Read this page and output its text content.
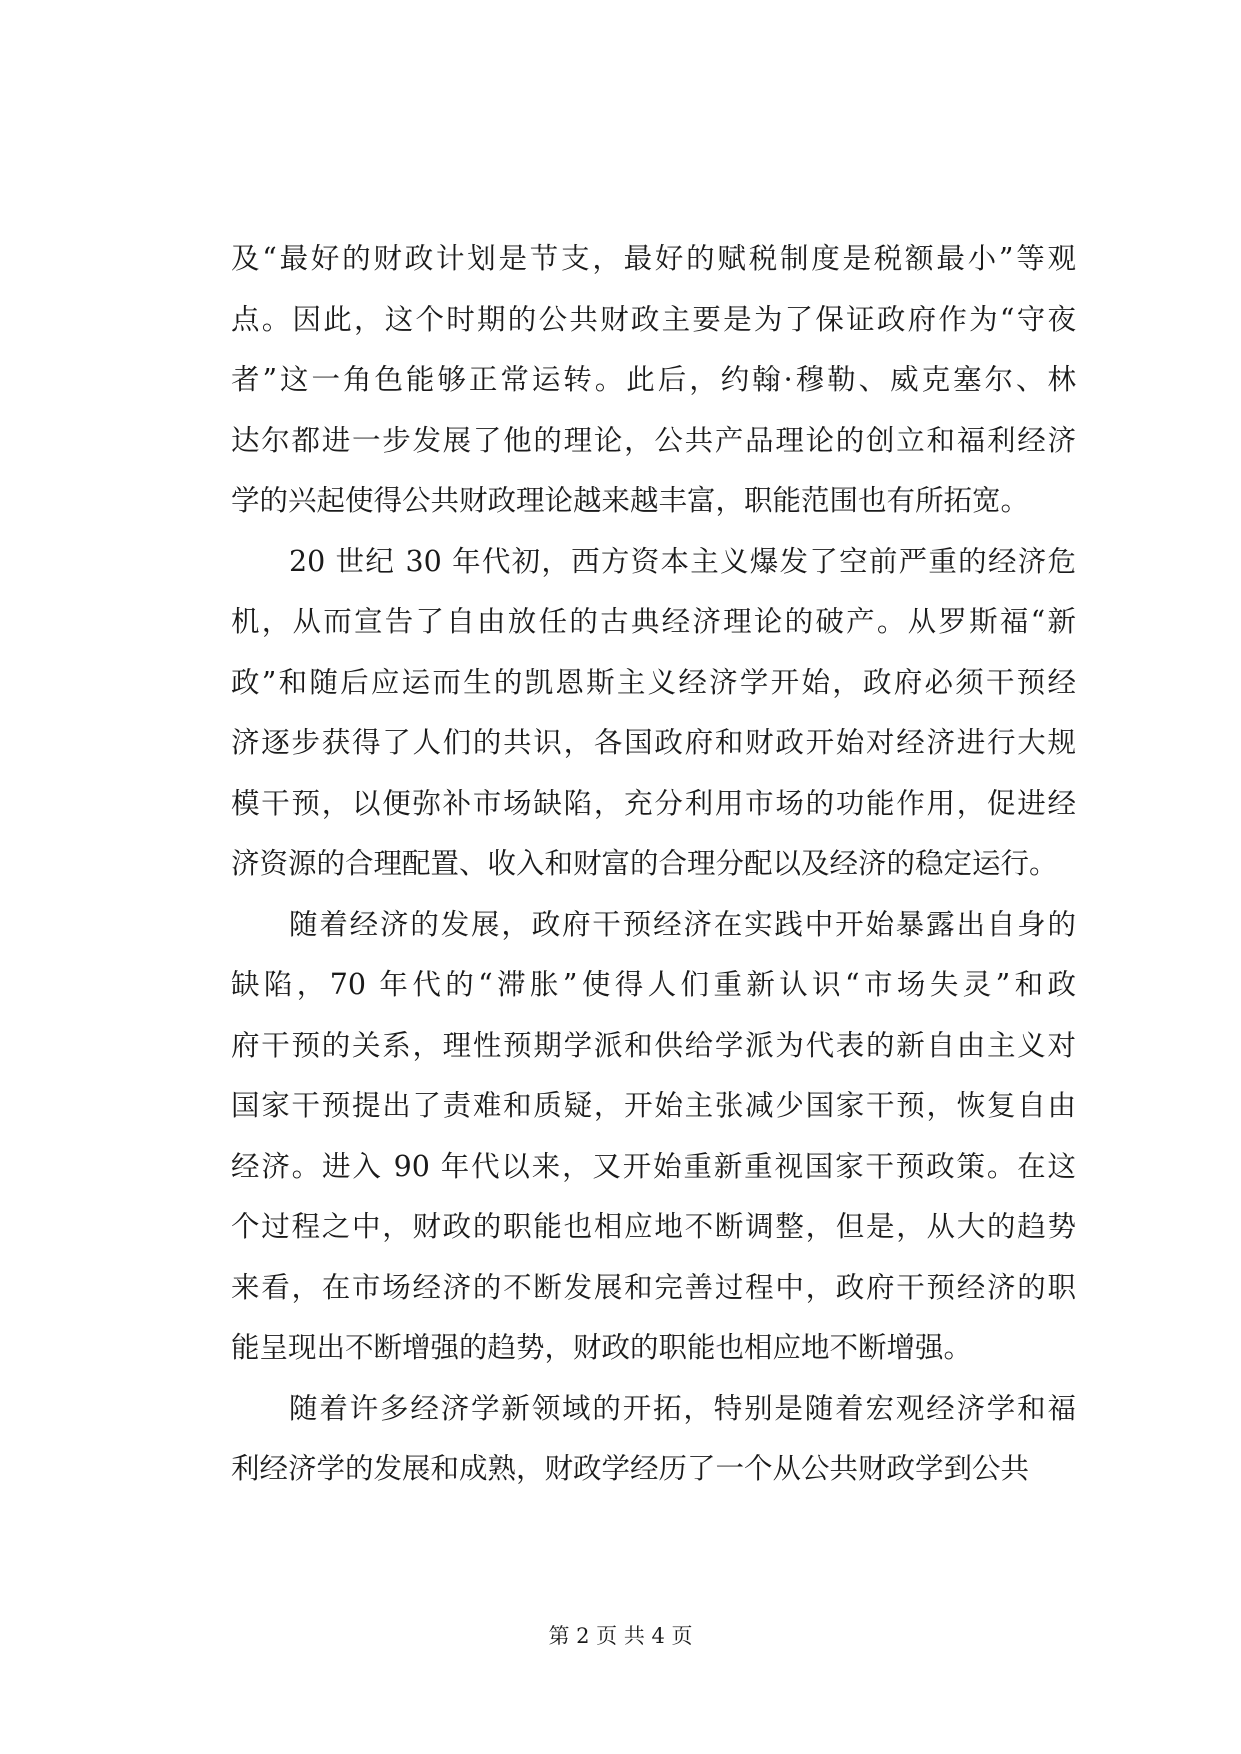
及“最好的财政计划是节支，最好的赋税制度是税额最小”等观
点。因此，这个时期的公共财政主要是为了保证政府作为“守夜
者”这一角色能够正常运转。此后，约翰·穆勒、威克塞尔、林
达尔都进一步发展了他的理论，公共产品理论的创立和福利经济
学的兴起使得公共财政理论越来越丰富，职能范围也有所拓宽。
20 世纪 30 年代初，西方资本主义爆发了空前严重的经济危
机，从而宣告了自由放任的古典经济理论的破产。从罗斯福“新
政”和随后应运而生的凯恩斯主义经济学开始，政府必须干预经
济逐步获得了人们的共识，各国政府和财政开始对经济进行大规
模干预，以便弥补市场缺陷，充分利用市场的功能作用，促进经
济资源的合理配置、收入和财富的合理分配以及经济的稳定运行。
随着经济的发展，政府干预经济在实践中开始暴露出自身的
缺陷，70 年代的“滞胀”使得人们重新认识“市场失灵”和政
府干预的关系，理性预期学派和供给学派为代表的新自由主义对
国家干预提出了责难和质疑，开始主张减少国家干预，恢复自由
经济。进入 90 年代以来，又开始重新重视国家干预政策。在这
个过程之中，财政的职能也相应地不断调整，但是，从大的趋势
来看，在市场经济的不断发展和完善过程中，政府干预经济的职
能呈现出不断增强的趋势，财政的职能也相应地不断增强。
随着许多经济学新领域的开拓，特别是随着宏观经济学和福
利经济学的发展和成熟，财政学经历了一个从公共财政学到公共
第 2 页 共 4 页
